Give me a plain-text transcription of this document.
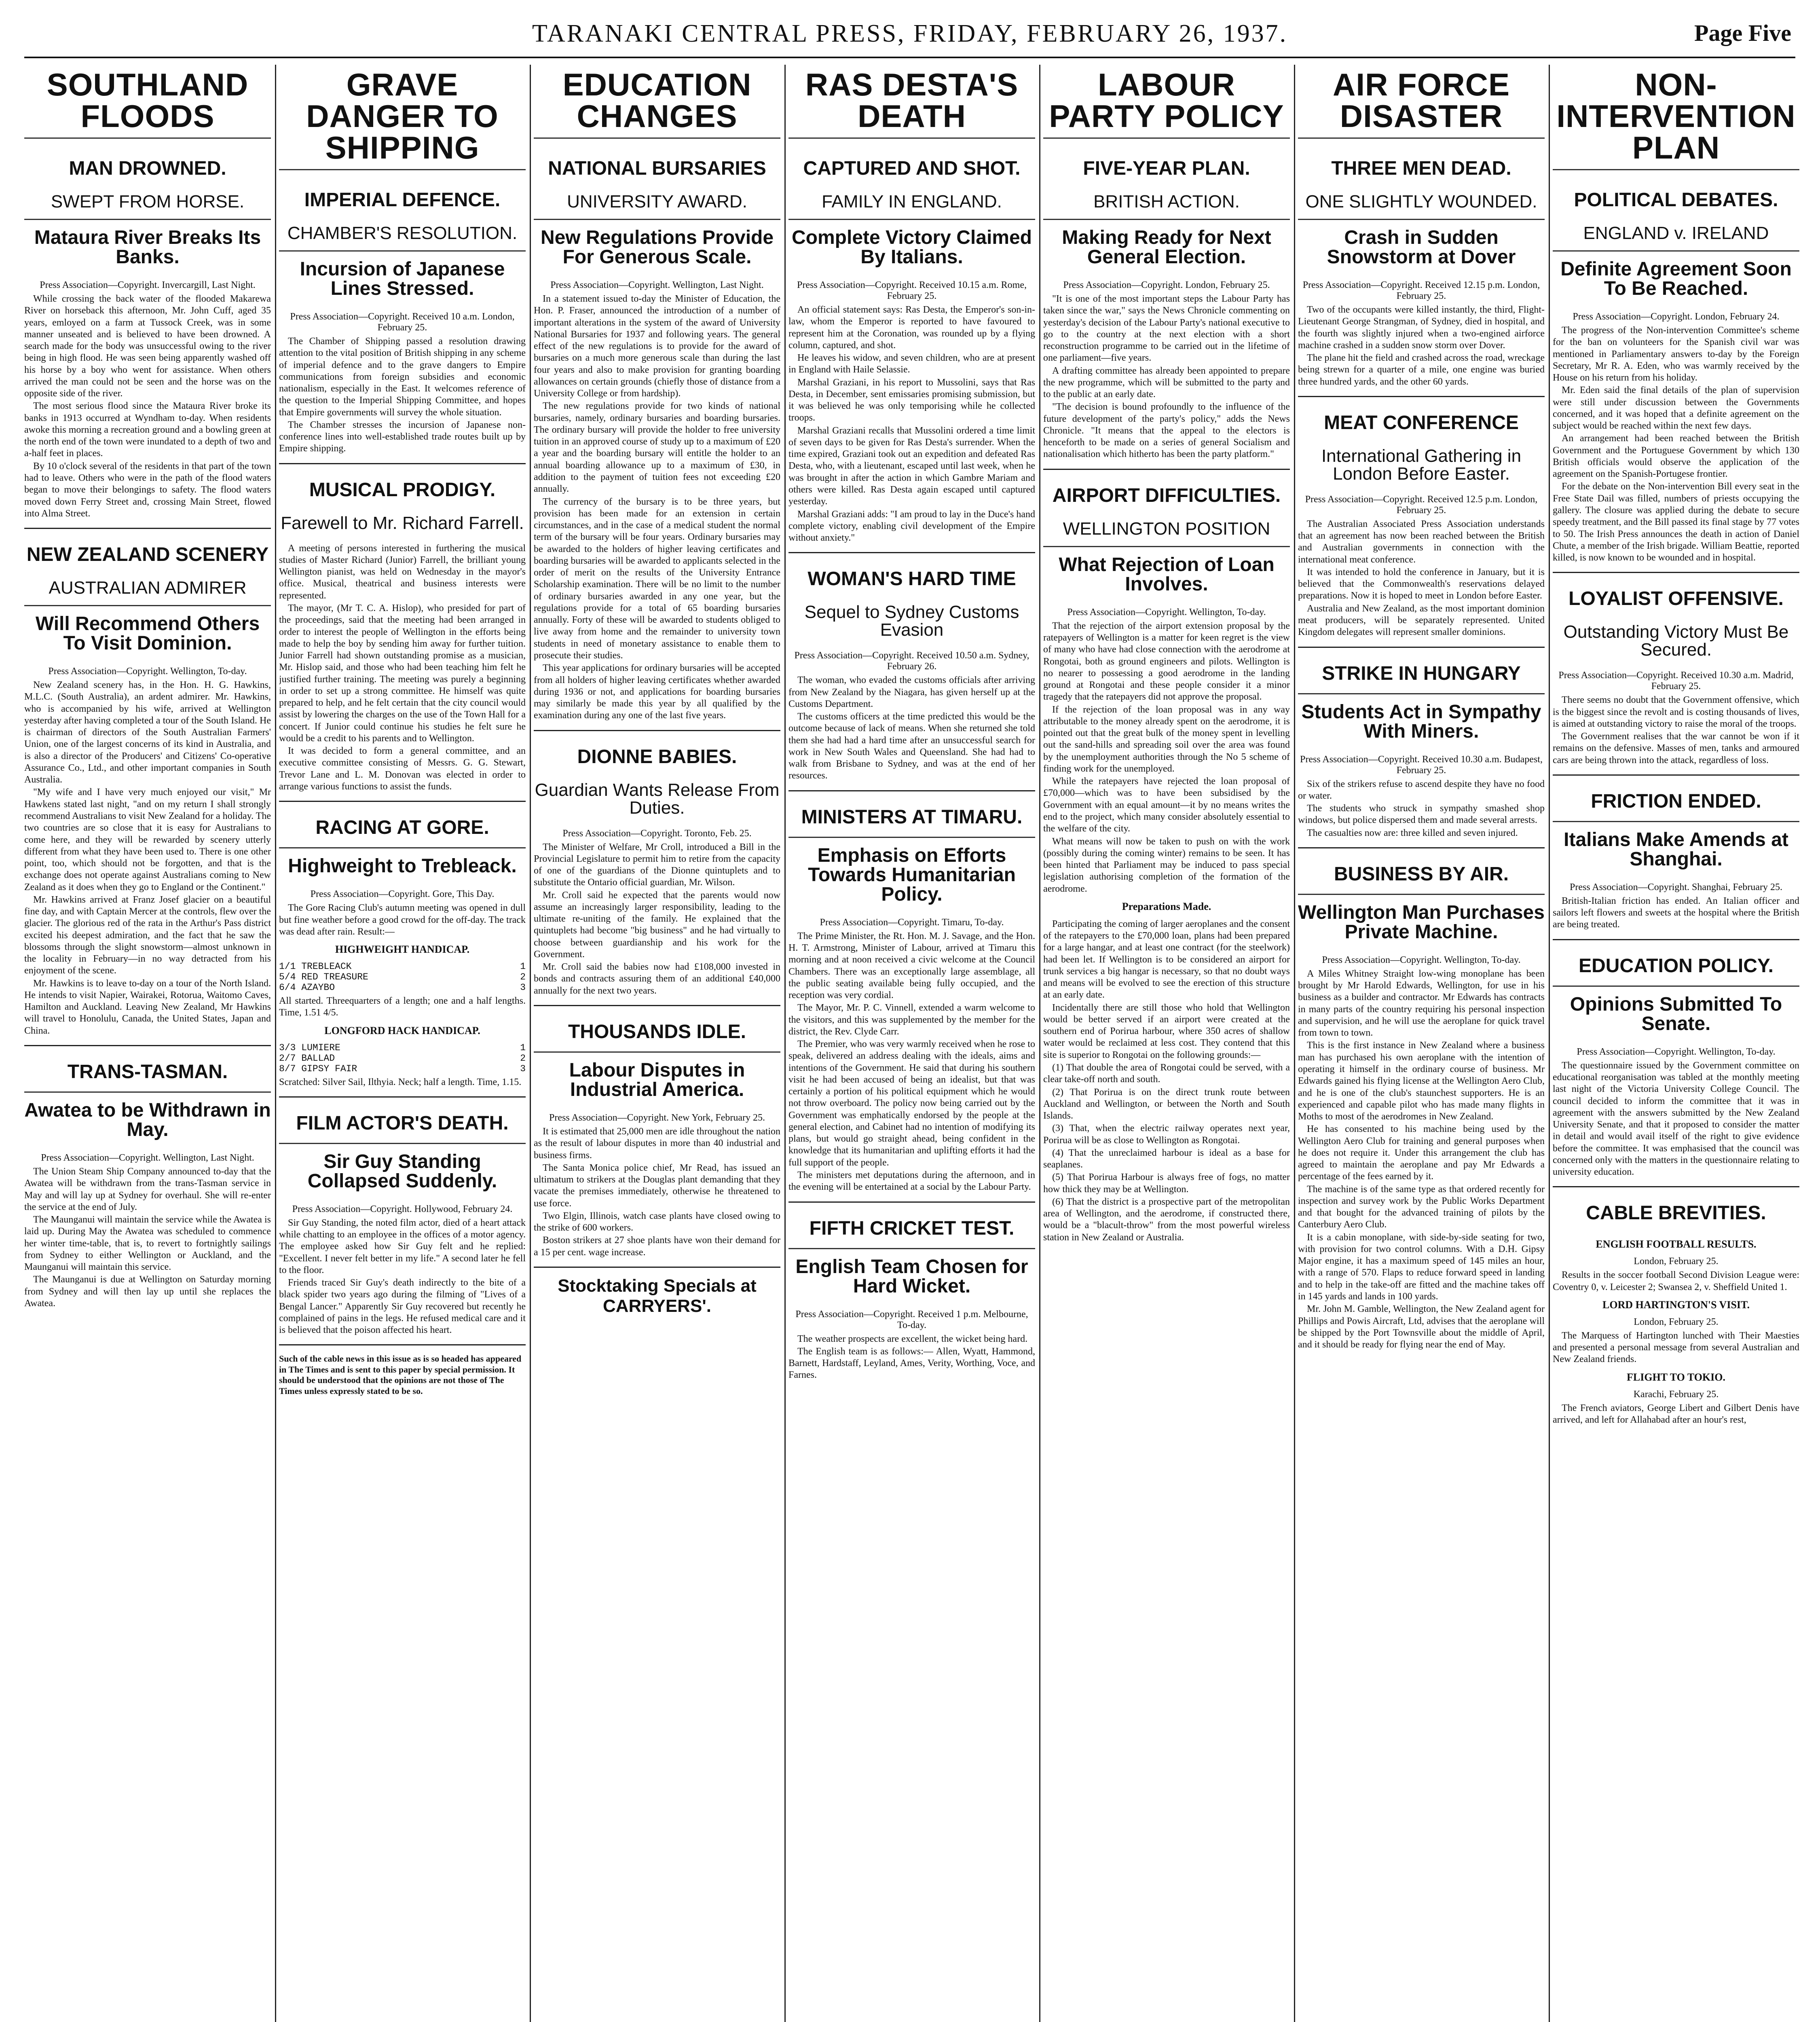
TARANAKI CENTRAL PRESS, FRIDAY, FEBRUARY 26, 1937.	Page Five
SOUTHLAND FLOODS
MAN DROWNED.
SWEPT FROM HORSE.
Mataura River Breaks Its Banks.
Press Association—Copyright. Invercargill, Last Night.

While crossing the back water of the flooded Makarewa River on horseback this afternoon, Mr. John Cuff, aged 35 years, emloyed on a farm at Tussock Creek, was in some manner unseated and is believed to have been drowned. A search made for the body was unsuccessful owing to the river being in high flood. He was seen being apparently washed off his horse by a boy who went for assistance. When others arrived the man could not be seen and the horse was on the opposite side of the river.

The most serious flood since the Mataura River broke its banks in 1913 occurred at Wyndham to-day. When residents awoke this morning a recreation ground and a bowling green at the north end of the town were inundated to a depth of two and a-half feet in places.

By 10 o'clock several of the residents in that part of the town had to leave. Others who were in the path of the flood waters began to move their belongings to safety. The flood waters moved down Ferry Street and, crossing Main Street, flowed into Alma Street.

NEW ZEALAND SCENERY
AUSTRALIAN ADMIRER
Will Recommend Others To Visit Dominion.
Press Association—Copyright. Wellington, To-day.

New Zealand scenery has, in the Hon. H. G. Hawkins, M.L.C. (South Australia), an ardent admirer. Mr. Hawkins, who is accompanied by his wife, arrived at Wellington yesterday after having completed a tour of the South Island. He is chairman of directors of the South Australian Farmers' Union, one of the largest concerns of its kind in Australia, and is also a director of the Producers' and Citizens' Co-operative Assurance Co., Ltd., and other important companies in South Australia.

"My wife and I have very much enjoyed our visit," Mr Hawkens stated last night, "and on my return I shall strongly recommend Australians to visit New Zealand for a holiday. The two countries are so close that it is easy for Australians to come here, and they will be rewarded by scenery utterly different from what they have been used to. There is one other point, too, which should not be forgotten, and that is the exchange does not operate against Australians coming to New Zealand as it does when they go to England or the Continent."

Mr. Hawkins arrived at Franz Josef glacier on a beautiful fine day, and with Captain Mercer at the controls, flew over the glacier. The glorious red of the rata in the Arthur's Pass district excited his deepest admiration, and the fact that he saw the blossoms through the slight snowstorm—almost unknown in the locality in February—in no way detracted from his enjoyment of the scene.

Mr. Hawkins is to leave to-day on a tour of the North Island. He intends to visit Napier, Wairakei, Rotorua, Waitomo Caves, Hamilton and Auckland. Leaving New Zealand, Mr Hawkins will travel to Honolulu, Canada, the United States, Japan and China.

TRANS-TASMAN.
Awatea to be Withdrawn in May.
Press Association—Copyright. Wellington, Last Night.

The Union Steam Ship Company announced to-day that the Awatea will be withdrawn from the trans-Tasman service in May and will lay up at Sydney for overhaul. She will re-enter the service at the end of July.

The Maunganui will maintain the service while the Awatea is laid up. During May the Awatea was scheduled to commence her winter time-table, that is, to revert to fortnightly sailings from Sydney to either Wellington or Auckland, and the Maunganui will maintain this service.

The Maunganui is due at Wellington on Saturday morning from Sydney and will then lay up until she replaces the Awatea.

GRAVE DANGER TO SHIPPING
IMPERIAL DEFENCE.
CHAMBER'S RESOLUTION.
Incursion of Japanese Lines Stressed.
Press Association—Copyright. Received 10 a.m. London, February 25.

The Chamber of Shipping passed a resolution drawing attention to the vital position of British shipping in any scheme of imperial defence and to the grave dangers to Empire communications from foreign subsidies and economic nationalism, especially in the East. It welcomes reference of the question to the Imperial Shipping Committee, and hopes that Empire governments will survey the whole situation.

The Chamber stresses the incursion of Japanese non-conference lines into well-established trade routes built up by Empire shipping.

MUSICAL PRODIGY.
Farewell to Mr. Richard Farrell.

A meeting of persons interested in furthering the musical studies of Master Richard (Junior) Farrell, the brilliant young Wellington pianist, was held on Wednesday in the mayor's office. Musical, theatrical and business interests were represented.

The mayor, (Mr T. C. A. Hislop), who presided for part of the proceedings, said that the meeting had been arranged in order to interest the people of Wellington in the efforts being made to help the boy by sending him away for further tuition. Junior Farrell had shown outstanding promise as a musician, Mr. Hislop said, and those who had been teaching him felt he justified further training. The meeting was purely a beginning in order to set up a strong committee. He himself was quite prepared to help, and he felt certain that the city council would assist by lowering the charges on the use of the Town Hall for a concert. If Junior could continue his studies he felt sure he would be a credit to his parents and to Wellington.

It was decided to form a general committee, and an executive committee consisting of Messrs. G. G. Stewart, Trevor Lane and L. M. Donovan was elected in order to arrange various functions to assist the funds.

RACING AT GORE.
Highweight to Trebleack.
Press Association—Copyright. Gore, This Day.

The Gore Racing Club's autumn meeting was opened in dull but fine weather before a good crowd for the off-day. The track was dead after rain. Result:—

HIGHWEIGHT HANDICAP.
1/1 TREBLEACK	1
5/4 RED TREASURE	2
6/4 AZAYBO	3
All started. Threequarters of a length; one and a half lengths. Time, 1.51 4/5.
LONGFORD HACK HANDICAP.
3/3 LUMIERE	1
2/7 BALLAD	2
8/7 GIPSY FAIR	3
Scratched: Silver Sail, Ilthyia. Neck; half a length. Time, 1.15.
FILM ACTOR'S DEATH.
Sir Guy Standing Collapsed Suddenly.
Press Association—Copyright. Hollywood, February 24.

Sir Guy Standing, the noted film actor, died of a heart attack while chatting to an employee in the offices of a motor agency. The employee asked how Sir Guy felt and he replied: "Excellent. I never felt better in my life." A second later he fell to the floor.

Friends traced Sir Guy's death indirectly to the bite of a black spider two years ago during the filming of "Lives of a Bengal Lancer." Apparently Sir Guy recovered but recently he complained of pains in the legs. He refused medical care and it is believed that the poison affected his heart.

Such of the cable news in this issue as is so headed has appeared in The Times and is sent to this paper by special permission. It should be understood that the opinions are not those of The Times unless expressly stated to be so.
EDUCATION CHANGES
NATIONAL BURSARIES
UNIVERSITY AWARD.
New Regulations Provide For Generous Scale.
Press Association—Copyright. Wellington, Last Night.

In a statement issued to-day the Minister of Education, the Hon. P. Fraser, announced the introduction of a number of important alterations in the system of the award of University National Bursaries for 1937 and following years. The general effect of the new regulations is to provide for the award of bursaries on a much more generous scale than during the last four years and also to make provision for granting boarding allowances on certain grounds (chiefly those of distance from a University College or from hardship).

The new regulations provide for two kinds of national bursaries, namely, ordinary bursaries and boarding bursaries. The ordinary bursary will provide the holder to free university tuition in an approved course of study up to a maximum of £20 a year and the boarding bursary will entitle the holder to an annual boarding allowance up to a maximum of £30, in addition to the payment of tuition fees not exceeding £20 annually.

The currency of the bursary is to be three years, but provision has been made for an extension in certain circumstances, and in the case of a medical student the normal term of the bursary will be four years. Ordinary bursaries may be awarded to the holders of higher leaving certificates and boarding bursaries will be awarded to applicants selected in the order of merit on the results of the University Entrance Scholarship examination. There will be no limit to the number of ordinary bursaries awarded in any one year, but the regulations provide for a total of 65 boarding bursaries annually. Forty of these will be awarded to students obliged to live away from home and the remainder to university town students in need of monetary assistance to enable them to prosecute their studies.

This year applications for ordinary bursaries will be accepted from all holders of higher leaving certificates whether awarded during 1936 or not, and applications for boarding bursaries may similarly be made this year by all qualified by the examination during any one of the last five years.

DIONNE BABIES.
Guardian Wants Release From Duties.
Press Association—Copyright. Toronto, Feb. 25.

The Minister of Welfare, Mr Croll, introduced a Bill in the Provincial Legislature to permit him to retire from the capacity of one of the guardians of the Dionne quintuplets and to substitute the Ontario official guardian, Mr. Wilson.

Mr. Croll said he expected that the parents would now assume an increasingly larger responsibility, leading to the ultimate re-uniting of the family. He explained that the quintuplets had become "big business" and he had virtually to choose between guardianship and his work for the Government.

Mr. Croll said the babies now had £108,000 invested in bonds and contracts assuring them of an additional £40,000 annually for the next two years.

THOUSANDS IDLE.
Labour Disputes in Industrial America.
Press Association—Copyright. New York, February 25.

It is estimated that 25,000 men are idle throughout the nation as the result of labour disputes in more than 40 industrial and business firms.

The Santa Monica police chief, Mr Read, has issued an ultimatum to strikers at the Douglas plant demanding that they vacate the premises immediately, otherwise he threatened to use force.

Two Elgin, Illinois, watch case plants have closed owing to the strike of 600 workers.

Boston strikers at 27 shoe plants have won their demand for a 15 per cent. wage increase.

Stocktaking Specials at
CARRYERS'.
RAS DESTA'S DEATH
CAPTURED AND SHOT.
FAMILY IN ENGLAND.
Complete Victory Claimed By Italians.
Press Association—Copyright. Received 10.15 a.m. Rome, February 25.

An official statement says: Ras Desta, the Emperor's son-in-law, whom the Emperor is reported to have favoured to represent him at the Coronation, was rounded up by a flying column, captured, and shot.

He leaves his widow, and seven children, who are at present in England with Haile Selassie.

Marshal Graziani, in his report to Mussolini, says that Ras Desta, in December, sent emissaries promising submission, but it was believed he was only temporising while he collected troops.

Marshal Graziani recalls that Mussolini ordered a time limit of seven days to be given for Ras Desta's surrender. When the time expired, Graziani took out an expedition and defeated Ras Desta, who, with a lieutenant, escaped until last week, when he was brought in after the action in which Gambre Mariam and others were killed. Ras Desta again escaped until captured yesterday.

Marshal Graziani adds: "I am proud to lay in the Duce's hand complete victory, enabling civil development of the Empire without anxiety."

WOMAN'S HARD TIME
Sequel to Sydney Customs Evasion
Press Association—Copyright. Received 10.50 a.m. Sydney, February 26.

The woman, who evaded the customs officials after arriving from New Zealand by the Niagara, has given herself up at the Customs Department.

The customs officers at the time predicted this would be the outcome because of lack of means. When she returned she told them she had had a hard time after an unsuccessful search for work in New South Wales and Queensland. She had had to walk from Brisbane to Sydney, and was at the end of her resources.

MINISTERS AT TIMARU.
Emphasis on Efforts Towards Humanitarian Policy.
Press Association—Copyright. Timaru, To-day.

The Prime Minister, the Rt. Hon. M. J. Savage, and the Hon. H. T. Armstrong, Minister of Labour, arrived at Timaru this morning and at noon received a civic welcome at the Council Chambers. There was an exceptionally large assemblage, all the public seating available being fully occupied, and the reception was very cordial.

The Mayor, Mr. P. C. Vinnell, extended a warm welcome to the visitors, and this was supplemented by the member for the district, the Rev. Clyde Carr.

The Premier, who was very warmly received when he rose to speak, delivered an address dealing with the ideals, aims and intentions of the Government. He said that during his southern visit he had been accused of being an idealist, but that was certainly a portion of his political equipment which he would not throw overboard. The policy now being carried out by the Government was emphatically endorsed by the people at the general election, and Cabinet had no intention of modifying its plans, but would go straight ahead, being confident in the knowledge that its humanitarian and uplifting efforts it had the full support of the people.

The ministers met deputations during the afternoon, and in the evening will be entertained at a social by the Labour Party.

FIFTH CRICKET TEST.
English Team Chosen for Hard Wicket.
Press Association—Copyright. Received 1 p.m. Melbourne, To-day.

The weather prospects are excellent, the wicket being hard.

The English team is as follows:— Allen, Wyatt, Hammond, Barnett, Hardstaff, Leyland, Ames, Verity, Worthing, Voce, and Farnes.

LABOUR PARTY POLICY
FIVE-YEAR PLAN.
BRITISH ACTION.
Making Ready for Next General Election.
Press Association—Copyright. London, February 25.

"It is one of the most important steps the Labour Party has taken since the war," says the News Chronicle commenting on yesterday's decision of the Labour Party's national executive to go to the country at the next election with a short reconstruction programme to be carried out in the lifetime of one parliament—five years.

A drafting committee has already been appointed to prepare the new programme, which will be submitted to the party and to the public at an early date.

"The decision is bound profoundly to the influence of the future development of the party's policy," adds the News Chronicle. "It means that the appeal to the electors is henceforth to be made on a series of general Socialism and nationalisation which hitherto has been the party platform."

AIRPORT DIFFICULTIES.
WELLINGTON POSITION
What Rejection of Loan Involves.
Press Association—Copyright. Wellington, To-day.

That the rejection of the airport extension proposal by the ratepayers of Wellington is a matter for keen regret is the view of many who have had close connection with the aerodrome at Rongotai, both as ground engineers and pilots. Wellington is no nearer to possessing a good aerodrome in the landing ground at Rongotai and these people consider it a minor tragedy that the ratepayers did not approve the proposal.

If the rejection of the loan proposal was in any way attributable to the money already spent on the aerodrome, it is pointed out that the great bulk of the money spent in levelling out the sand-hills and spreading soil over the area was found by the unemployment authorities through the No 5 scheme of finding work for the unemployed.

While the ratepayers have rejected the loan proposal of £70,000—which was to have been subsidised by the Government with an equal amount—it by no means writes the end to the project, which many consider absolutely essential to the welfare of the city.

What means will now be taken to push on with the work (possibly during the coming winter) remains to be seen. It has been hinted that Parliament may be induced to pass special legislation authorising completion of the formation of the aerodrome.

Preparations Made.

Participating the coming of larger aeroplanes and the consent of the ratepayers to the £70,000 loan, plans had been prepared for a large hangar, and at least one contract (for the steelwork) had been let. If Wellington is to be considered an airport for trunk services a big hangar is necessary, so that no doubt ways and means will be evolved to see the erection of this structure at an early date.

Incidentally there are still those who hold that Wellington would be better served if an airport were created at the southern end of Porirua harbour, where 350 acres of shallow water would be reclaimed at less cost. They contend that this site is superior to Rongotai on the following grounds:—

(1) That double the area of Rongotai could be served, with a clear take-off north and south.

(2) That Porirua is on the direct trunk route between Auckland and Wellington, or between the North and South Islands.

(3) That, when the electric railway operates next year, Porirua will be as close to Wellington as Rongotai.

(4) That the unreclaimed harbour is ideal as a base for seaplanes.

(5) That Porirua Harbour is always free of fogs, no matter how thick they may be at Wellington.

(6) That the district is a prospective part of the metropolitan area of Wellington, and the aerodrome, if constructed there, would be a "blacult-throw" from the most powerful wireless station in New Zealand or Australia.

AIR FORCE DISASTER
THREE MEN DEAD.
ONE SLIGHTLY WOUNDED.
Crash in Sudden Snowstorm at Dover
Press Association—Copyright. Received 12.15 p.m. London, February 25.

Two of the occupants were killed instantly, the third, Flight-Lieutenant George Strangman, of Sydney, died in hospital, and the fourth was slightly injured when a two-engined airforce machine crashed in a sudden snow storm over Dover.

The plane hit the field and crashed across the road, wreckage being strewn for a quarter of a mile, one engine was buried three hundred yards, and the other 60 yards.

MEAT CONFERENCE
International Gathering in London Before Easter.
Press Association—Copyright. Received 12.5 p.m. London, February 25.

The Australian Associated Press Association understands that an agreement has now been reached between the British and Australian governments in connection with the international meat conference.

It was intended to hold the conference in January, but it is believed that the Commonwealth's reservations delayed preparations. Now it is hoped to meet in London before Easter.

Australia and New Zealand, as the most important dominion meat producers, will be separately represented. United Kingdom delegates will represent smaller dominions.

STRIKE IN HUNGARY
Students Act in Sympathy With Miners.
Press Association—Copyright. Received 10.30 a.m. Budapest, February 25.

Six of the strikers refuse to ascend despite they have no food or water.

The students who struck in sympathy smashed shop windows, but police dispersed them and made several arrests.

The casualties now are: three killed and seven injured.

BUSINESS BY AIR.
Wellington Man Purchases Private Machine.
Press Association—Copyright. Wellington, To-day.

A Miles Whitney Straight low-wing monoplane has been brought by Mr Harold Edwards, Wellington, for use in his business as a builder and contractor. Mr Edwards has contracts in many parts of the country requiring his personal inspection and supervision, and he will use the aeroplane for quick travel from town to town.

This is the first instance in New Zealand where a business man has purchased his own aeroplane with the intention of operating it himself in the ordinary course of business. Mr Edwards gained his flying license at the Wellington Aero Club, and he is one of the club's staunchest supporters. He is an experienced and capable pilot who has made many flights in Moths to most of the aerodromes in New Zealand.

He has consented to his machine being used by the Wellington Aero Club for training and general purposes when he does not require it. Under this arrangement the club has agreed to maintain the aeroplane and pay Mr Edwards a percentage of the fees earned by it.

The machine is of the same type as that ordered recently for inspection and survey work by the Public Works Department and that bought for the advanced training of pilots by the Canterbury Aero Club.

It is a cabin monoplane, with side-by-side seating for two, with provision for two control columns. With a D.H. Gipsy Major engine, it has a maximum speed of 145 miles an hour, with a range of 570. Flaps to reduce forward speed in landing and to help in the take-off are fitted and the machine takes off in 145 yards and lands in 100 yards.

Mr. John M. Gamble, Wellington, the New Zealand agent for Phillips and Powis Aircraft, Ltd, advises that the aeroplane will be shipped by the Port Townsville about the middle of April, and it should be ready for flying near the end of May.

NON-INTERVENTION PLAN
POLITICAL DEBATES.
ENGLAND v. IRELAND
Definite Agreement Soon To Be Reached.
Press Association—Copyright. London, February 24.

The progress of the Non-intervention Committee's scheme for the ban on volunteers for the Spanish civil war was mentioned in Parliamentary answers to-day by the Foreign Secretary, Mr R. A. Eden, who was warmly received by the House on his return from his holiday.

Mr. Eden said the final details of the plan of supervision were still under discussion between the Governments concerned, and it was hoped that a definite agreement on the subject would be reached within the next few days.

An arrangement had been reached between the British Government and the Portuguese Government by which 130 British officials would observe the application of the agreement on the Spanish-Portugese frontier.

For the debate on the Non-intervention Bill every seat in the Free State Dail was filled, numbers of priests occupying the gallery. The closure was applied during the debate to secure speedy treatment, and the Bill passed its final stage by 77 votes to 50. The Irish Press announces the death in action of Daniel Chute, a member of the Irish brigade. William Beattie, reported killed, is now known to be wounded and in hospital.

LOYALIST OFFENSIVE.
Outstanding Victory Must Be Secured.
Press Association—Copyright. Received 10.30 a.m. Madrid, February 25.

There seems no doubt that the Government offensive, which is the biggest since the revolt and is costing thousands of lives, is aimed at outstanding victory to raise the moral of the troops.

The Government realises that the war cannot be won if it remains on the defensive. Masses of men, tanks and armoured cars are being thrown into the attack, regardless of loss.

FRICTION ENDED.
Italians Make Amends at Shanghai.
Press Association—Copyright. Shanghai, February 25.

British-Italian friction has ended. An Italian officer and sailors left flowers and sweets at the hospital where the British are being treated.

EDUCATION POLICY.
Opinions Submitted To Senate.
Press Association—Copyright. Wellington, To-day.

The questionnaire issued by the Government committee on educational reorganisation was tabled at the monthly meeting last night of the Victoria University College Council. The council decided to inform the committee that it was in agreement with the answers submitted by the New Zealand University Senate, and that it proposed to consider the matter in detail and would avail itself of the right to give evidence before the committee. It was emphasised that the council was concerned only with the matters in the questionnaire relating to university education.

CABLE BREVITIES.
ENGLISH FOOTBALL RESULTS.
London, February 25.

Results in the soccer football Second Division League were: Coventry 0, v. Leicester 2; Swansea 2, v. Sheffield United 1.

LORD HARTINGTON'S VISIT.
London, February 25.

The Marquess of Hartington lunched with Their Maesties and presented a personal message from several Australian and New Zealand friends.

FLIGHT TO TOKIO.
Karachi, February 25.

The French aviators, George Libert and Gilbert Denis have arrived, and left for Allahabad after an hour's rest,
